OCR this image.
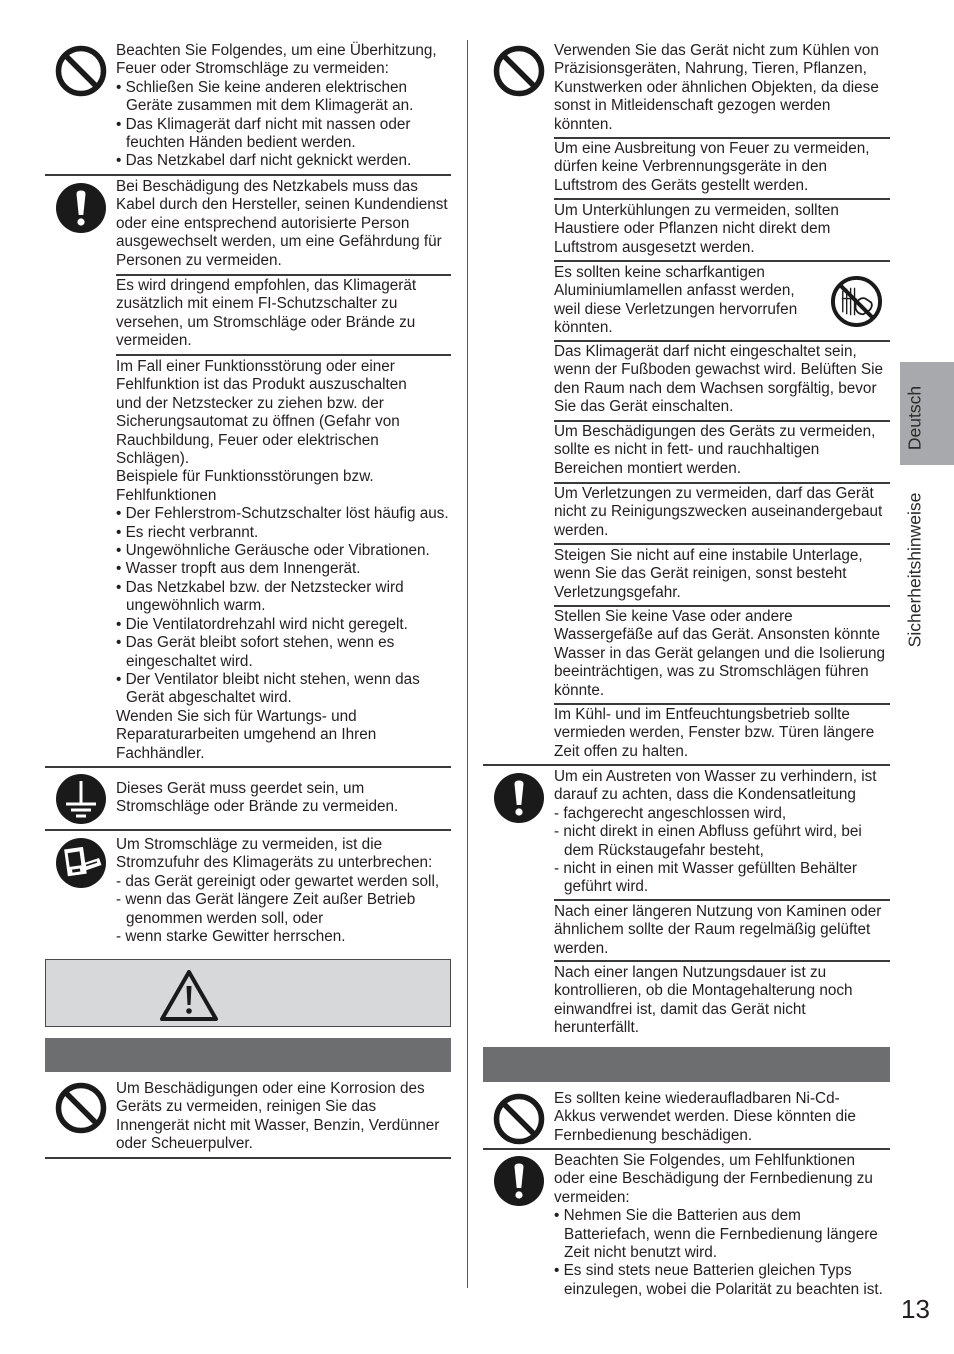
Beachten Sie Folgendes, um eine Überhitzung,
Feuer oder Stromschläge zu vermeiden:

• Schließen Sie keine anderen elektrischen
Geräte zusammen mit dem Klimagerät an.

• Das Klimagerät darf nicht mit nassen oder
feuchten Händen bedient werden.

• Das Netzkabel darf nicht geknickt werden.

Bei Beschädigung des Netzkabels muss das
Kabel durch den Hersteller, seinen Kundendienst
oder eine entsprechend autorisierte Person
ausgewechselt werden, um eine Gefährdung für
Personen zu vermeiden.

Es wird dringend empfohlen, das Klimagerät
zusätzlich mit einem FI-Schutzschalter zu
versehen, um Stromschläge oder Brände zu
vermeiden.

Im Fall einer Funktionsstörung oder einer
Fehlfunktion ist das Produkt auszuschalten
und der Netzstecker zu ziehen bzw. der
Sicherungsautomat zu öffnen (Gefahr von
Rauchbildung, Feuer oder elektrischen
Schlägen).

Beispiele für Funktionsstörungen bzw.
Fehlfunktionen

• Der Fehlerstrom-Schutzschalter löst häufig aus.

• Es riecht verbrannt.

• Ungewöhnliche Geräusche oder Vibrationen.

• Wasser tropft aus dem Innengerät.

• Das Netzkabel bzw. der Netzstecker wird
ungewöhnlich warm.

• Die Ventilatordrehzahl wird nicht geregelt.

• Das Gerät bleibt sofort stehen, wenn es
eingeschaltet wird.

• Der Ventilator bleibt nicht stehen, wenn das
Gerät abgeschaltet wird.

Wenden Sie sich für Wartungs- und
Reparaturarbeiten umgehend an Ihren
Fachhändler.

Dieses Gerät muss geerdet sein, um
Stromschläge oder Brände zu vermeiden.

Um Stromschläge zu vermeiden, ist die
Stromzufuhr des Klimageräts zu unterbrechen:

- das Gerät gereinigt oder gewartet werden soll,

- wenn das Gerät längere Zeit außer Betrieb
genommen werden soll, oder

- wenn starke Gewitter herrschen.

Um Beschädigungen oder eine Korrosion des
Geräts zu vermeiden, reinigen Sie das
Innengerät nicht mit Wasser, Benzin, Verdünner
oder Scheuerpulver.

Verwenden Sie das Gerät nicht zum Kühlen von
Präzisionsgeräten, Nahrung, Tieren, Pflanzen,
Kunstwerken oder ähnlichen Objekten, da diese
sonst in Mitleidenschaft gezogen werden
könnten.

Um eine Ausbreitung von Feuer zu vermeiden,
dürfen keine Verbrennungsgeräte in den
Luftstrom des Geräts gestellt werden.

Um Unterkühlungen zu vermeiden, sollten
Haustiere oder Pflanzen nicht direkt dem
Luftstrom ausgesetzt werden.

Es sollten keine scharfkantigen
Aluminiumlamellen anfasst werden,
weil diese Verletzungen hervorrufen
könnten.

Das Klimagerät darf nicht eingeschaltet sein,
wenn der Fußboden gewachst wird. Belüften Sie
den Raum nach dem Wachsen sorgfältig, bevor
Sie das Gerät einschalten.

Um Beschädigungen des Geräts zu vermeiden,
sollte es nicht in fett- und rauchhaltigen
Bereichen montiert werden.

Um Verletzungen zu vermeiden, darf das Gerät
nicht zu Reinigungszwecken auseinandergebaut
werden.

Steigen Sie nicht auf eine instabile Unterlage,
wenn Sie das Gerät reinigen, sonst besteht
Verletzungsgefahr.

Stellen Sie keine Vase oder andere
Wassergefäße auf das Gerät. Ansonsten könnte
Wasser in das Gerät gelangen und die Isolierung
beeinträchtigen, was zu Stromschlägen führen
könnte.

Im Kühl- und im Entfeuchtungsbetrieb sollte
vermieden werden, Fenster bzw. Türen längere
Zeit offen zu halten.

Um ein Austreten von Wasser zu verhindern, ist
darauf zu achten, dass die Kondensatleitung

- fachgerecht angeschlossen wird,

- nicht direkt in einen Abfluss geführt wird, bei
dem Rückstaugefahr besteht,

- nicht in einen mit Wasser gefüllten Behälter
geführt wird.

Nach einer längeren Nutzung von Kaminen oder
ähnlichem sollte der Raum regelmäßig gelüftet
werden.

Nach einer langen Nutzungsdauer ist zu
kontrollieren, ob die Montagehalterung noch
einwandfrei ist, damit das Gerät nicht
herunterfällt.

Es sollten keine wiederaufladbaren Ni-Cd-
Akkus verwendet werden. Diese könnten die
Fernbedienung beschädigen.

Beachten Sie Folgendes, um Fehlfunktionen
oder eine Beschädigung der Fernbedienung zu
vermeiden:

• Nehmen Sie die Batterien aus dem
Batteriefach, wenn die Fernbedienung längere
Zeit nicht benutzt wird.

• Es sind stets neue Batterien gleichen Typs
einzulegen, wobei die Polarität zu beachten ist.

Deutsch
Sicherheitshinweise
13
